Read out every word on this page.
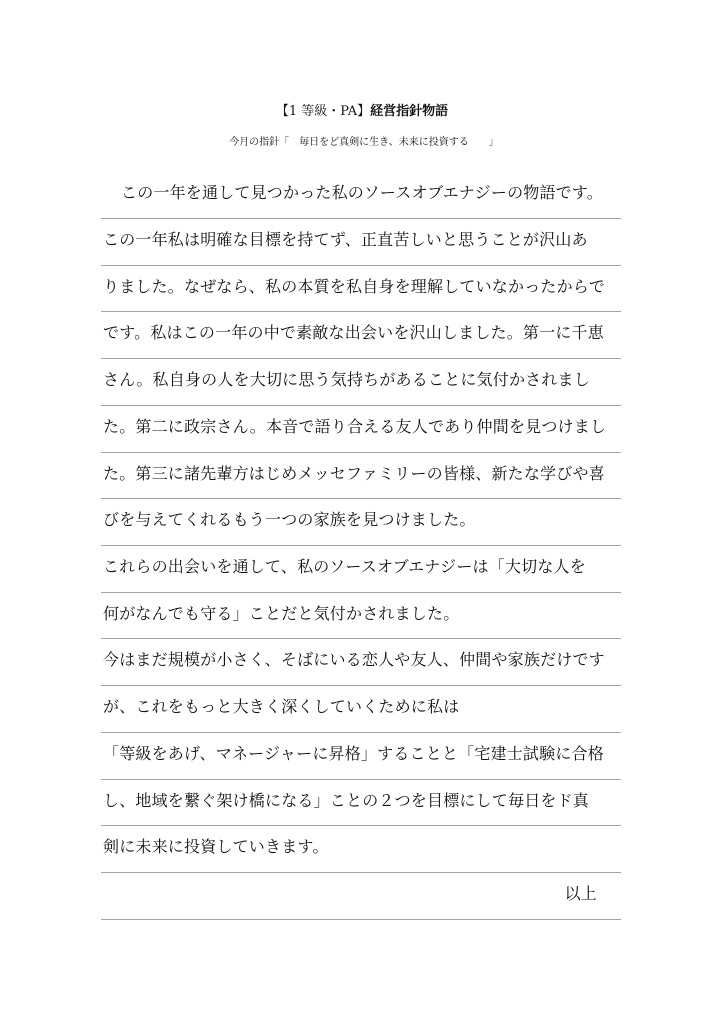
【1 等級・PA】経営指針物語
今月の指針「　毎日をど真剣に生き、未来に投資する　　」
この一年を通して見つかった私のソースオブエナジーの物語です。
この一年私は明確な目標を持てず、正直苦しいと思うことが沢山あ
りました。なぜなら、私の本質を私自身を理解していなかったからで
です。私はこの一年の中で素敵な出会いを沢山しました。第一に千恵
さん。私自身の人を大切に思う気持ちがあることに気付かされまし
た。第二に政宗さん。本音で語り合える友人であり仲間を見つけまし
た。第三に諸先輩方はじめメッセファミリーの皆様、新たな学びや喜
びを与えてくれるもう一つの家族を見つけました。
これらの出会いを通して、私のソースオブエナジーは「大切な人を
何がなんでも守る」ことだと気付かされました。
今はまだ規模が小さく、そばにいる恋人や友人、仲間や家族だけです
が、これをもっと大きく深くしていくために私は
「等級をあげ、マネージャーに昇格」することと「宅建士試験に合格
し、地域を繋ぐ架け橋になる」ことの２つを目標にして毎日をド真
剣に未来に投資していきます。
以上
